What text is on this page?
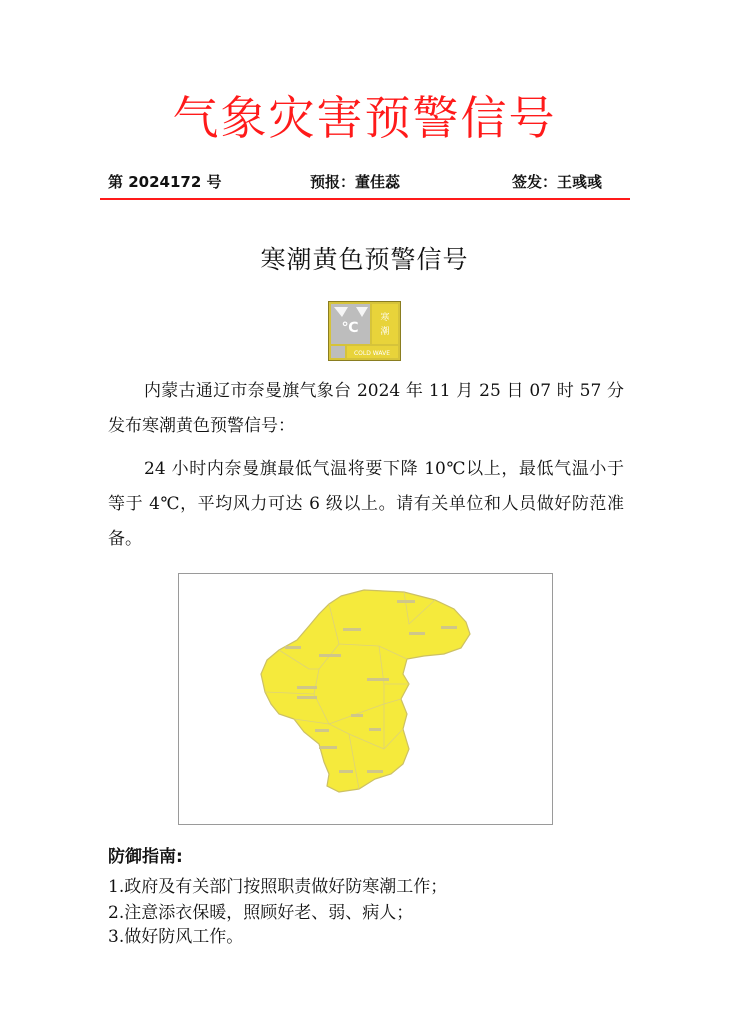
气象灾害预警信号
第 2024172 号	预报：董佳蕊	签发：王彧彧
寒潮黄色预警信号
℃
寒
潮
COLD WAVE

内蒙古通辽市奈曼旗气象台 2024 年 11 月 25 日 07 时 57 分发布寒潮黄色预警信号：

24 小时内奈曼旗最低气温将要下降 10℃以上，最低气温小于等于 4℃，平均风力可达 6 级以上。请有关单位和人员做好防范准备。

防御指南:
1.政府及有关部门按照职责做好防寒潮工作；
2.注意添衣保暖，照顾好老、弱、病人；
3.做好防风工作。
